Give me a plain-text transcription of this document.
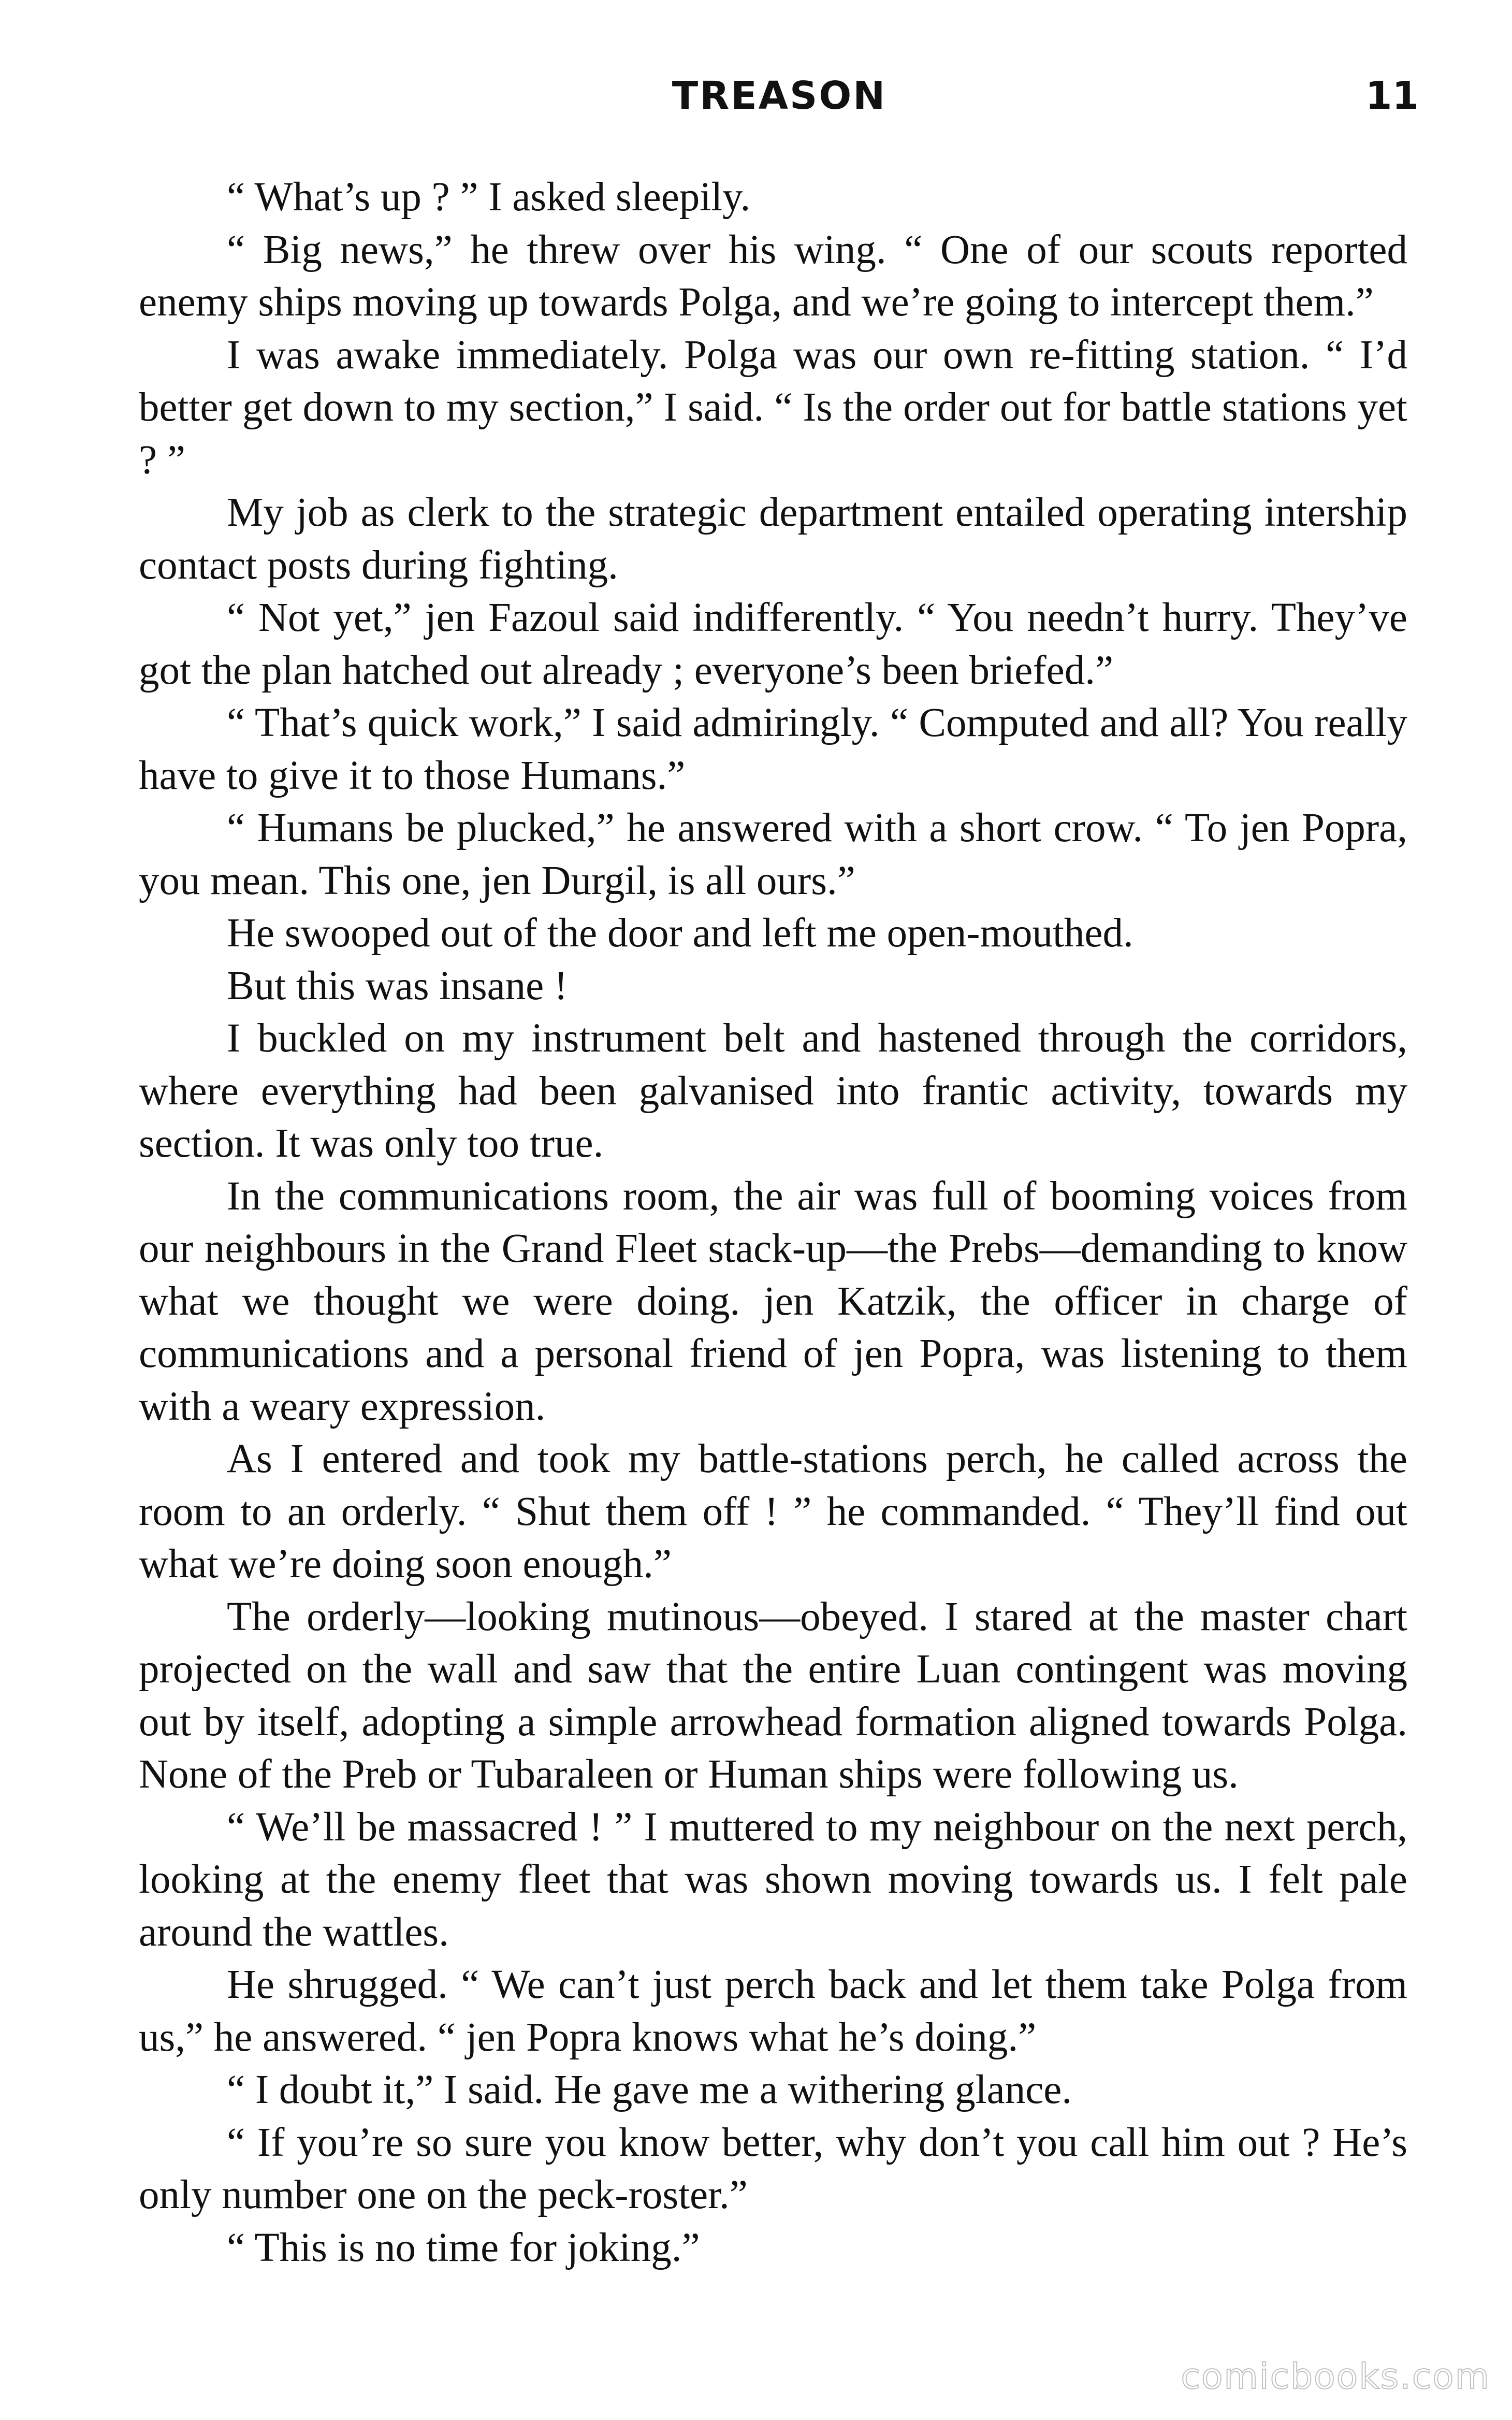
TREASON	11

“ What’s up ? ” I asked sleepily.

“ Big news,” he threw over his wing. “ One of our scouts reported enemy ships moving up towards Polga, and we’re going to intercept them.”

I was awake immediately. Polga was our own re-fitting station. “ I’d better get down to my section,” I said. “ Is the order out for battle stations yet ? ”

My job as clerk to the strategic department entailed operating intership contact posts during fighting.

“ Not yet,” jen Fazoul said indifferently. “ You needn’t hurry. They’ve got the plan hatched out already ; everyone’s been briefed.”

“ That’s quick work,” I said admiringly. “ Computed and all? You really have to give it to those Humans.”

“ Humans be plucked,” he answered with a short crow. “ To jen Popra, you mean. This one, jen Durgil, is all ours.”

He swooped out of the door and left me open-mouthed.

But this was insane !

I buckled on my instrument belt and hastened through the corridors, where everything had been galvanised into frantic activity, towards my section. It was only too true.

In the communications room, the air was full of booming voices from our neighbours in the Grand Fleet stack-up—the Prebs—demanding to know what we thought we were doing. jen Katzik, the officer in charge of communications and a personal friend of jen Popra, was listening to them with a weary expression.

As I entered and took my battle-stations perch, he called across the room to an orderly. “ Shut them off ! ” he commanded. “ They’ll find out what we’re doing soon enough.”

The orderly—looking mutinous—obeyed. I stared at the master chart projected on the wall and saw that the entire Luan contingent was moving out by itself, adopting a simple arrowhead formation aligned towards Polga. None of the Preb or Tubaraleen or Human ships were following us.

“ We’ll be massacred ! ” I muttered to my neighbour on the next perch, looking at the enemy fleet that was shown moving towards us. I felt pale around the wattles.

He shrugged. “ We can’t just perch back and let them take Polga from us,” he answered. “ jen Popra knows what he’s doing.”

“ I doubt it,” I said. He gave me a withering glance.

“ If you’re so sure you know better, why don’t you call him out ? He’s only number one on the peck-roster.”

“ This is no time for joking.”

comicbooks.com
